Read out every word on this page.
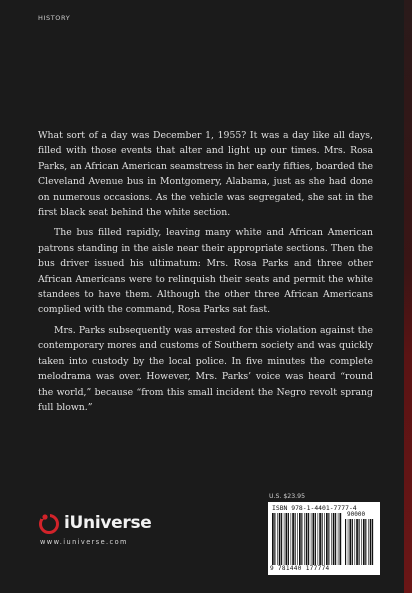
HISTORY

What sort of a day was December 1, 1955? It was a day like all days, filled with those events that alter and light up our times. Mrs. Rosa Parks, an African American seamstress in her early fifties, boarded the Cleveland Avenue bus in Montgomery, Alabama, just as she had done on numerous occasions. As the vehicle was segregated, she sat in the first black seat behind the white section.

The bus filled rapidly, leaving many white and African American patrons standing in the aisle near their appropriate sections. Then the bus driver issued his ultimatum: Mrs. Rosa Parks and three other African Americans were to relinquish their seats and permit the white standees to have them. Although the other three African Americans complied with the command, Rosa Parks sat fast.

Mrs. Parks subsequently was arrested for this violation against the contemporary mores and customs of Southern society and was quickly taken into custody by the local police. In five minutes the complete melodrama was over. However, Mrs. Parks’ voice was heard “round the world,” because “from this small incident the Negro revolt sprang full blown.”

iUniverse
www.iuniverse.com
U.S. $23.95
ISBN 978-1-4401-7777-4
90000
9 781440 177774
